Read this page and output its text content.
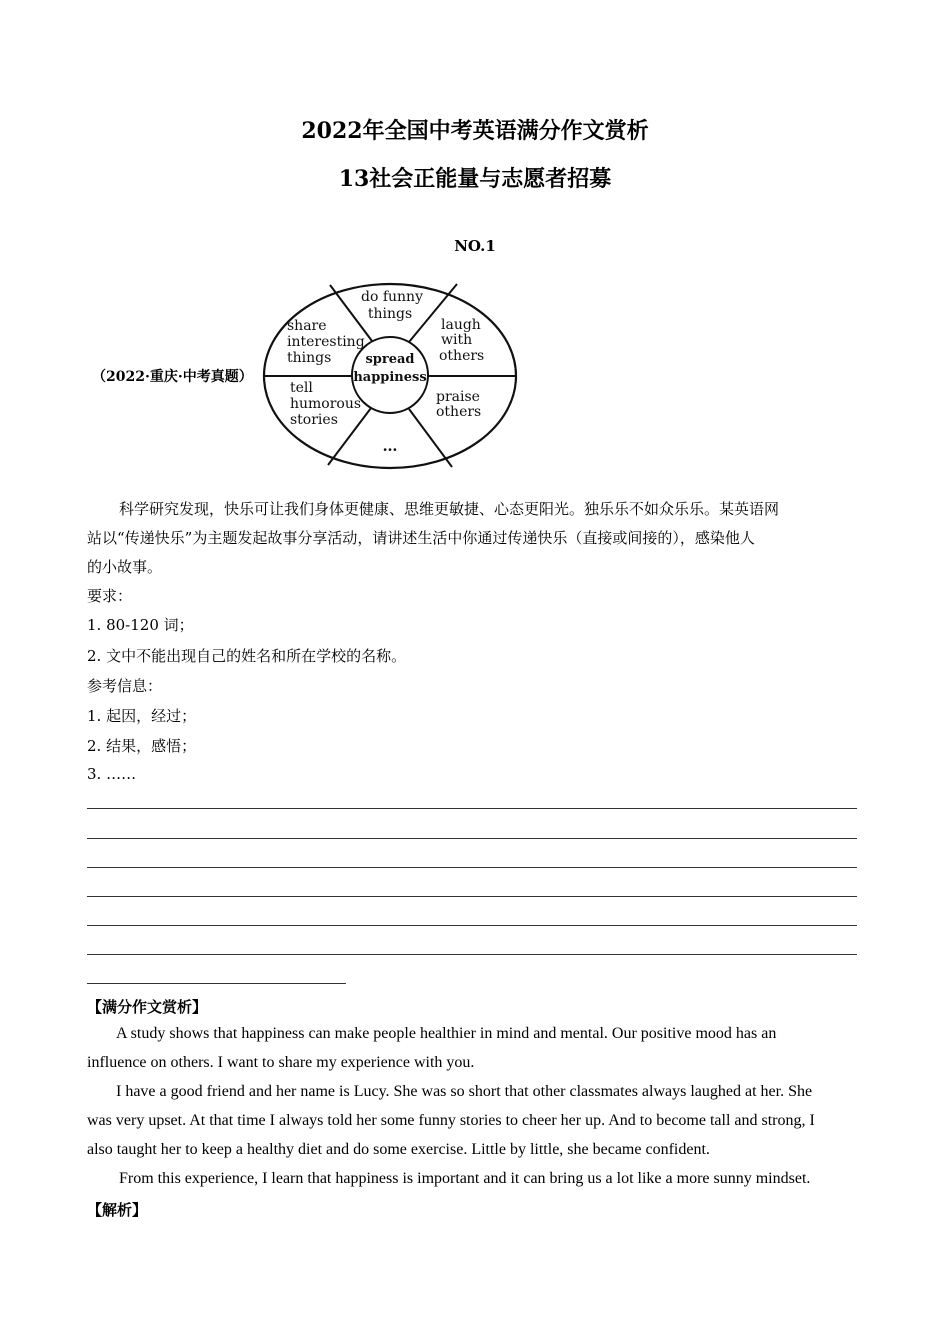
2022年全国中考英语满分作文赏析
13社会正能量与志愿者招募
NO.1
（2022·重庆·中考真题）
spread
happiness
do funny
things
laugh
with
others
praise
others
…
tell
humorous
stories
share
interesting
things
科学研究发现，快乐可让我们身体更健康、思维更敏捷、心态更阳光。独乐乐不如众乐乐。某英语网
站以“传递快乐”为主题发起故事分享活动，请讲述生活中你通过传递快乐（直接或间接的），感染他人
的小故事。
要求：
1. 80-120 词；
2. 文中不能出现自己的姓名和所在学校的名称。
参考信息：
1. 起因，经过；
2. 结果，感悟；
3. ……
【满分作文赏析】
A study shows that happiness can make people healthier in mind and mental. Our positive mood has an
influence on others. I want to share my experience with you.
I have a good friend and her name is Lucy. She was so short that other classmates always laughed at her. She
was very upset. At that time I always told her some funny stories to cheer her up. And to become tall and strong, I
also taught her to keep a healthy diet and do some exercise. Little by little, she became confident.
From this experience, I learn that happiness is important and it can bring us a lot like a more sunny mindset.
【解析】
